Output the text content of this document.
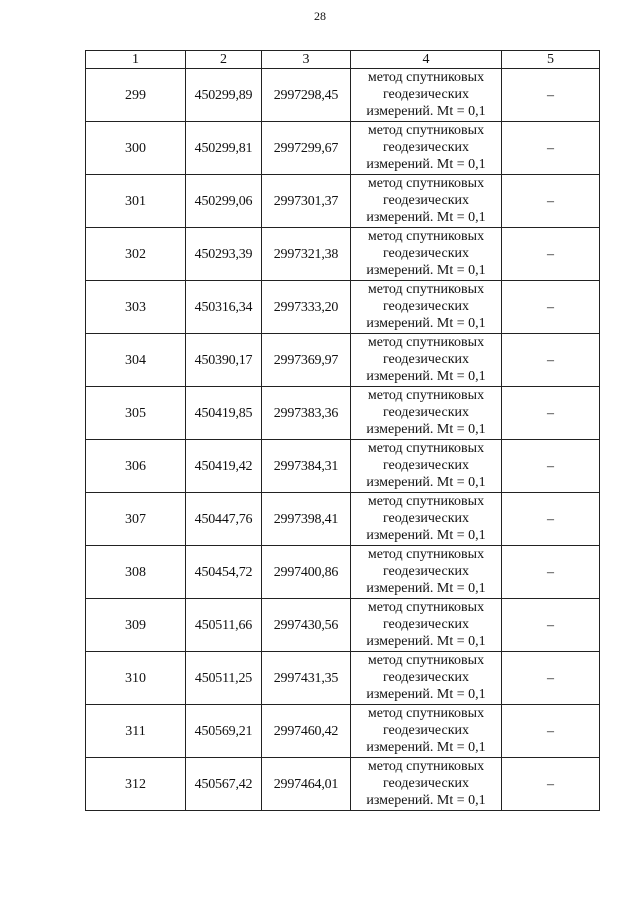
28
1	2	3	4	5
299	450299,89	2997298,45	метод спутниковых
геодезических
измерений. Mt = 0,1	–
300	450299,81	2997299,67	метод спутниковых
геодезических
измерений. Mt = 0,1	–
301	450299,06	2997301,37	метод спутниковых
геодезических
измерений. Mt = 0,1	–
302	450293,39	2997321,38	метод спутниковых
геодезических
измерений. Mt = 0,1	–
303	450316,34	2997333,20	метод спутниковых
геодезических
измерений. Mt = 0,1	–
304	450390,17	2997369,97	метод спутниковых
геодезических
измерений. Mt = 0,1	–
305	450419,85	2997383,36	метод спутниковых
геодезических
измерений. Mt = 0,1	–
306	450419,42	2997384,31	метод спутниковых
геодезических
измерений. Mt = 0,1	–
307	450447,76	2997398,41	метод спутниковых
геодезических
измерений. Mt = 0,1	–
308	450454,72	2997400,86	метод спутниковых
геодезических
измерений. Mt = 0,1	–
309	450511,66	2997430,56	метод спутниковых
геодезических
измерений. Mt = 0,1	–
310	450511,25	2997431,35	метод спутниковых
геодезических
измерений. Mt = 0,1	–
311	450569,21	2997460,42	метод спутниковых
геодезических
измерений. Mt = 0,1	–
312	450567,42	2997464,01	метод спутниковых
геодезических
измерений. Mt = 0,1	–
